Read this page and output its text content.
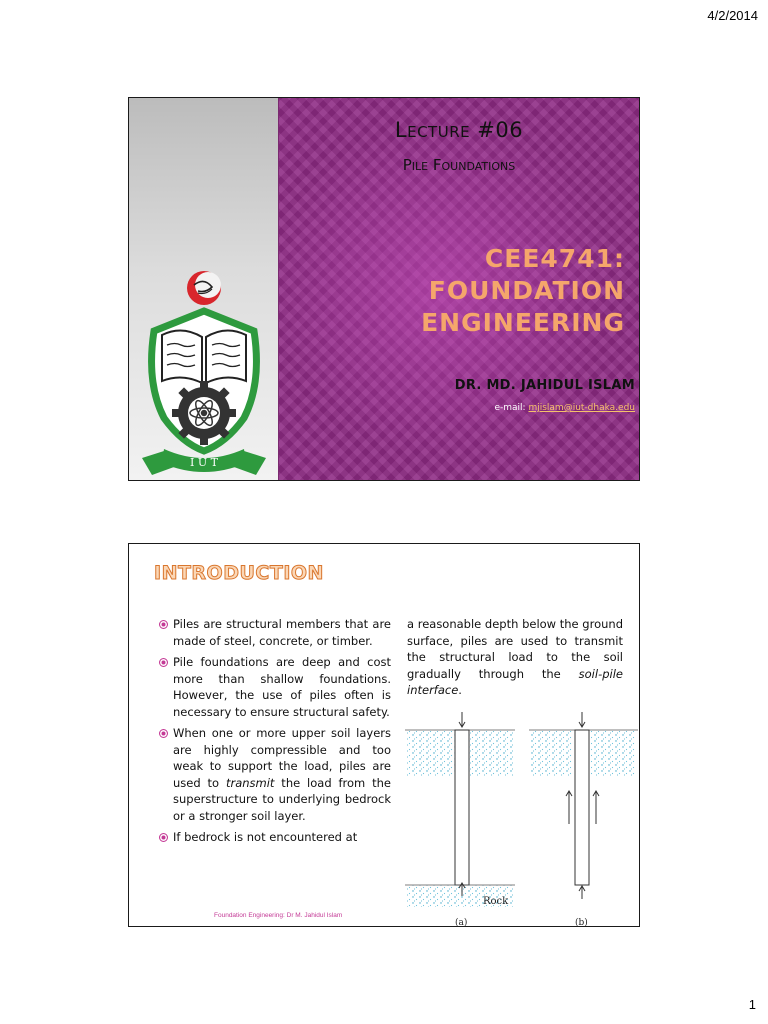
4/2/2014
I U T
Lecture #06
Pile Foundations
CEE4741: FOUNDATION
ENGINEERING
DR. MD. JAHIDUL ISLAM
e-mail: mjislam@iut-dhaka.edu
INTRODUCTION
Piles are structural members that are made of steel, concrete, or timber.
Pile foundations are deep and cost more than shallow foundations. However, the use of piles often is necessary to ensure structural safety.
When one or more upper soil layers are highly compressible and too weak to support the load, piles are used to transmit the load from the superstructure to underlying bedrock or a stronger soil layer.
If bedrock is not encountered at
a reasonable depth below the ground surface, piles are used to transmit the structural load to the soil gradually through the soil-pile interface.
Rock
(a)	(b)
Foundation Engineering: Dr M. Jahidul Islam
1
